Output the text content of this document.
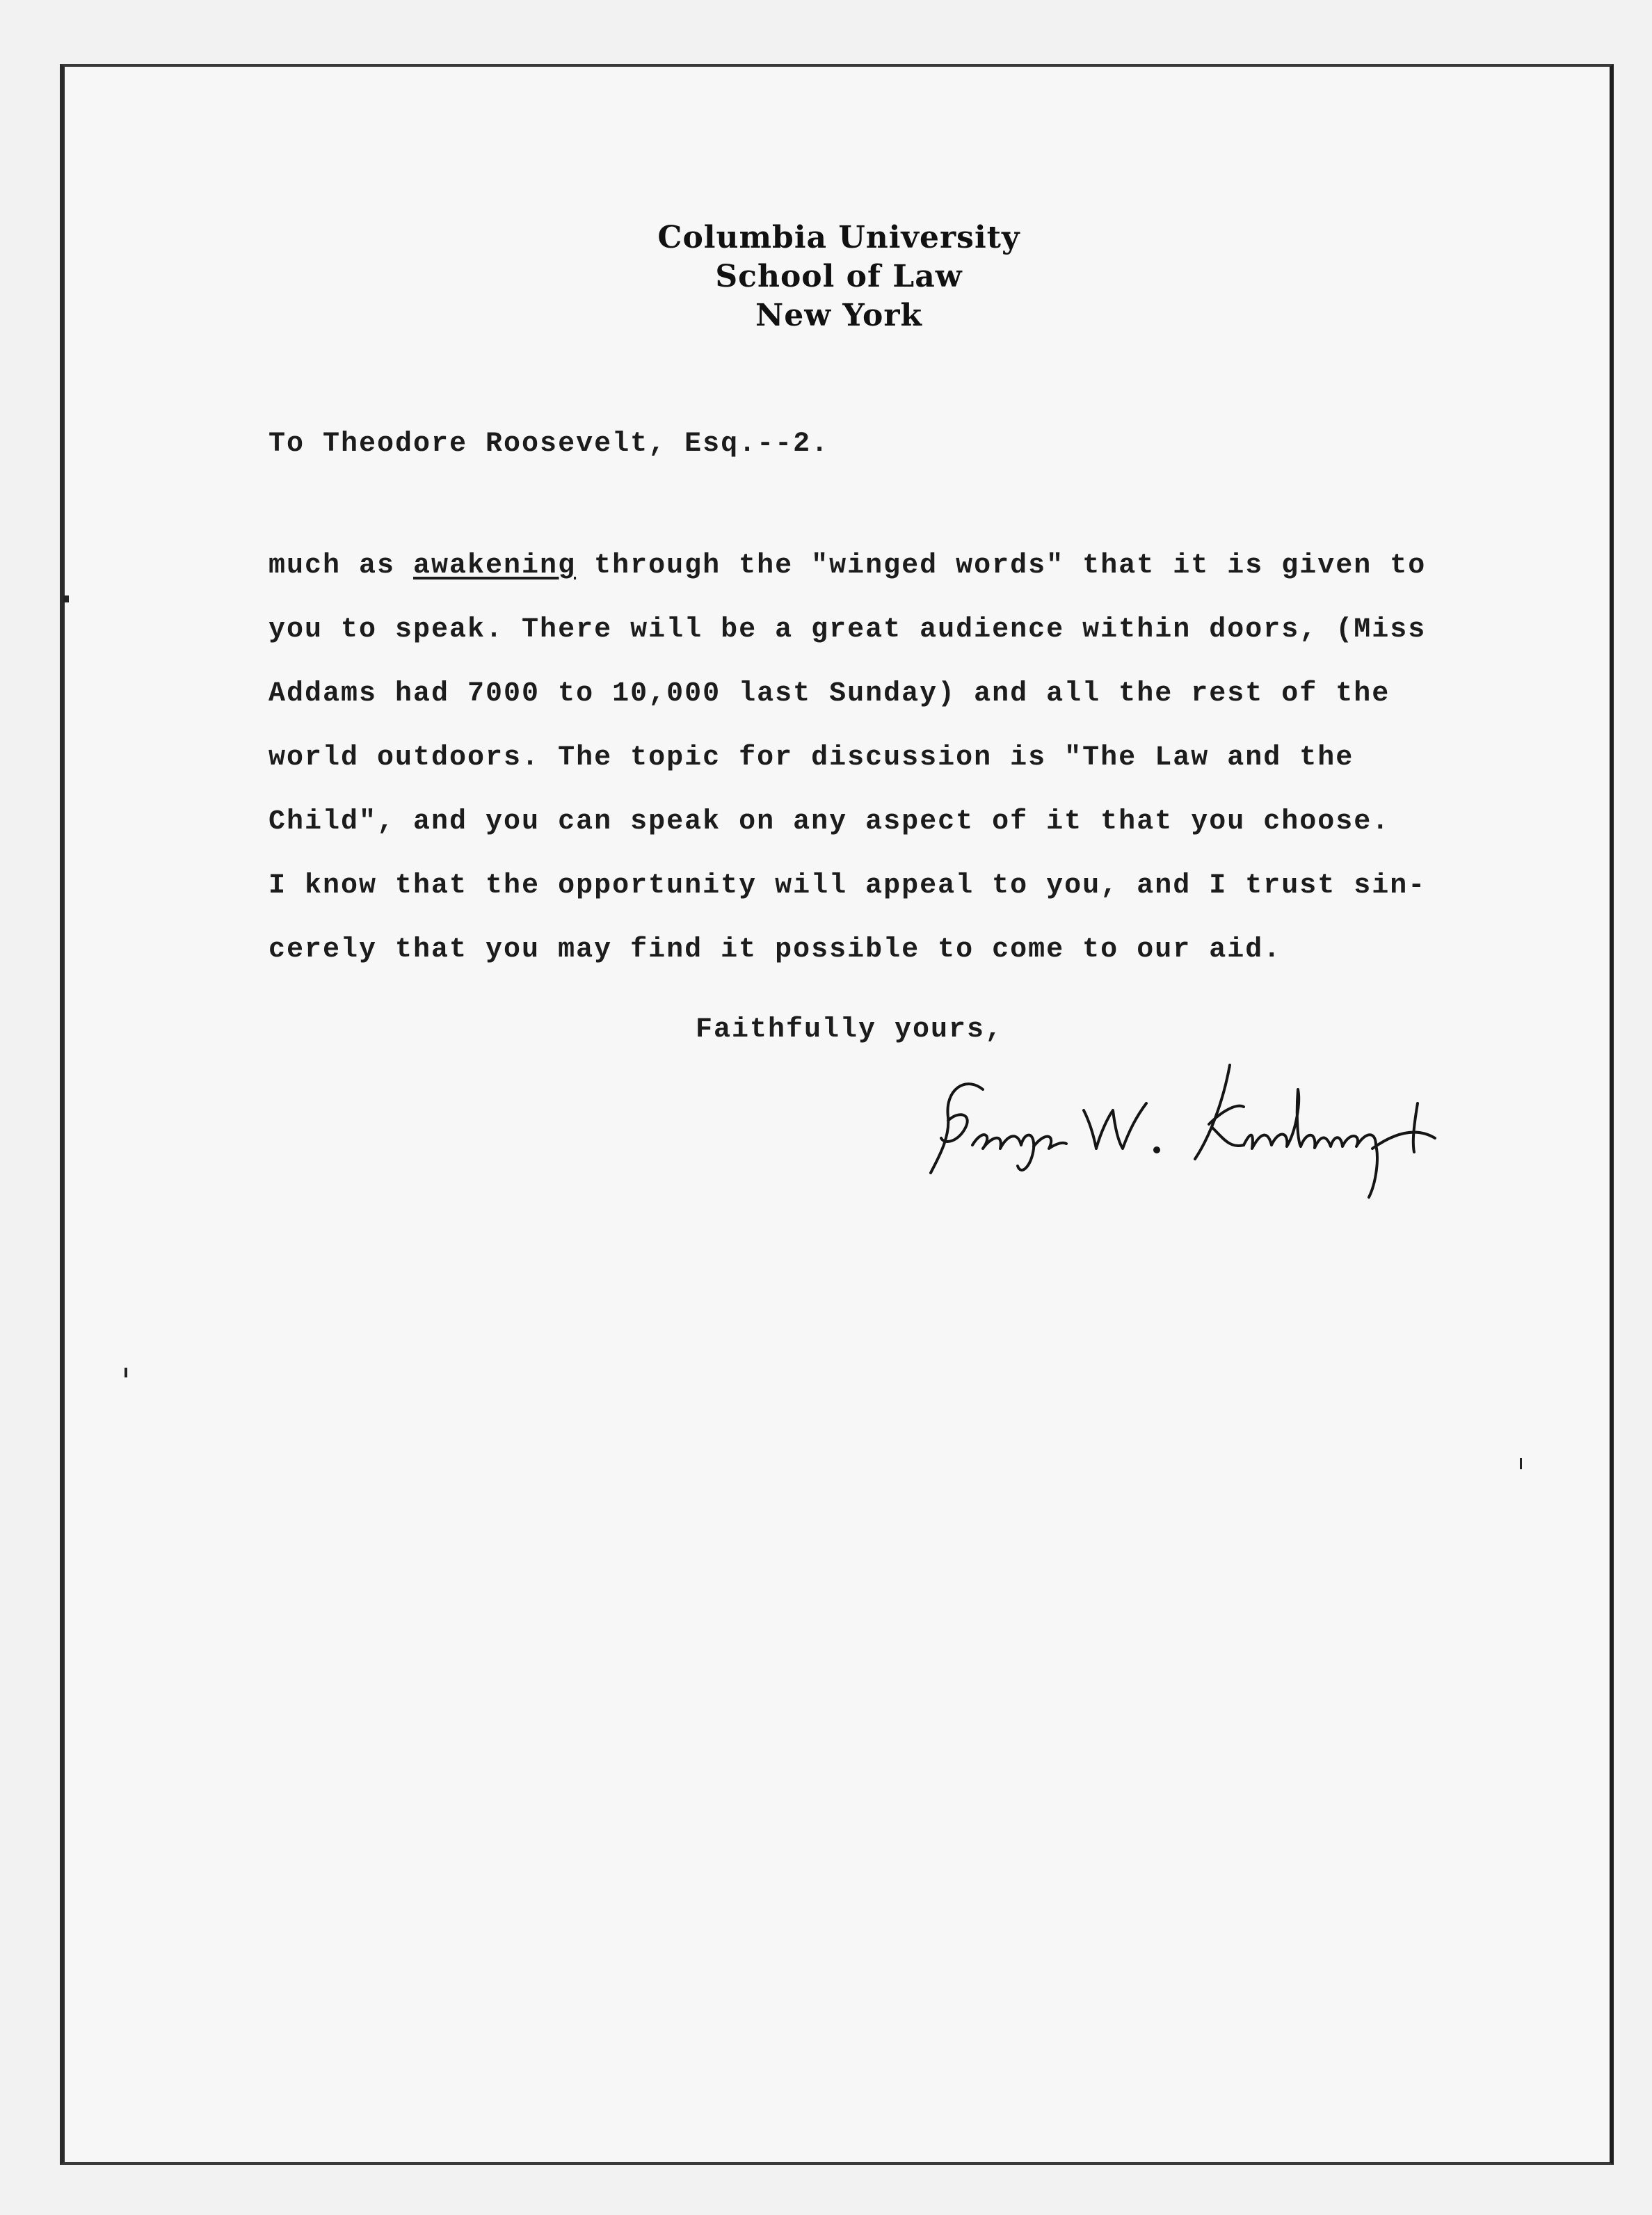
Columbia University
School of Law
New York
To Theodore Roosevelt, Esq.--2.
much as awakening through the "winged words" that it is given to
you to speak. There will be a great audience within doors, (Miss
Addams had 7000 to 10,000 last Sunday) and all the rest of the
world outdoors. The topic for discussion is "The Law and the
Child", and you can speak on any aspect of it that you choose.
I know that the opportunity will appeal to you, and I trust sin-
cerely that you may find it possible to come to our aid.
Faithfully yours,
